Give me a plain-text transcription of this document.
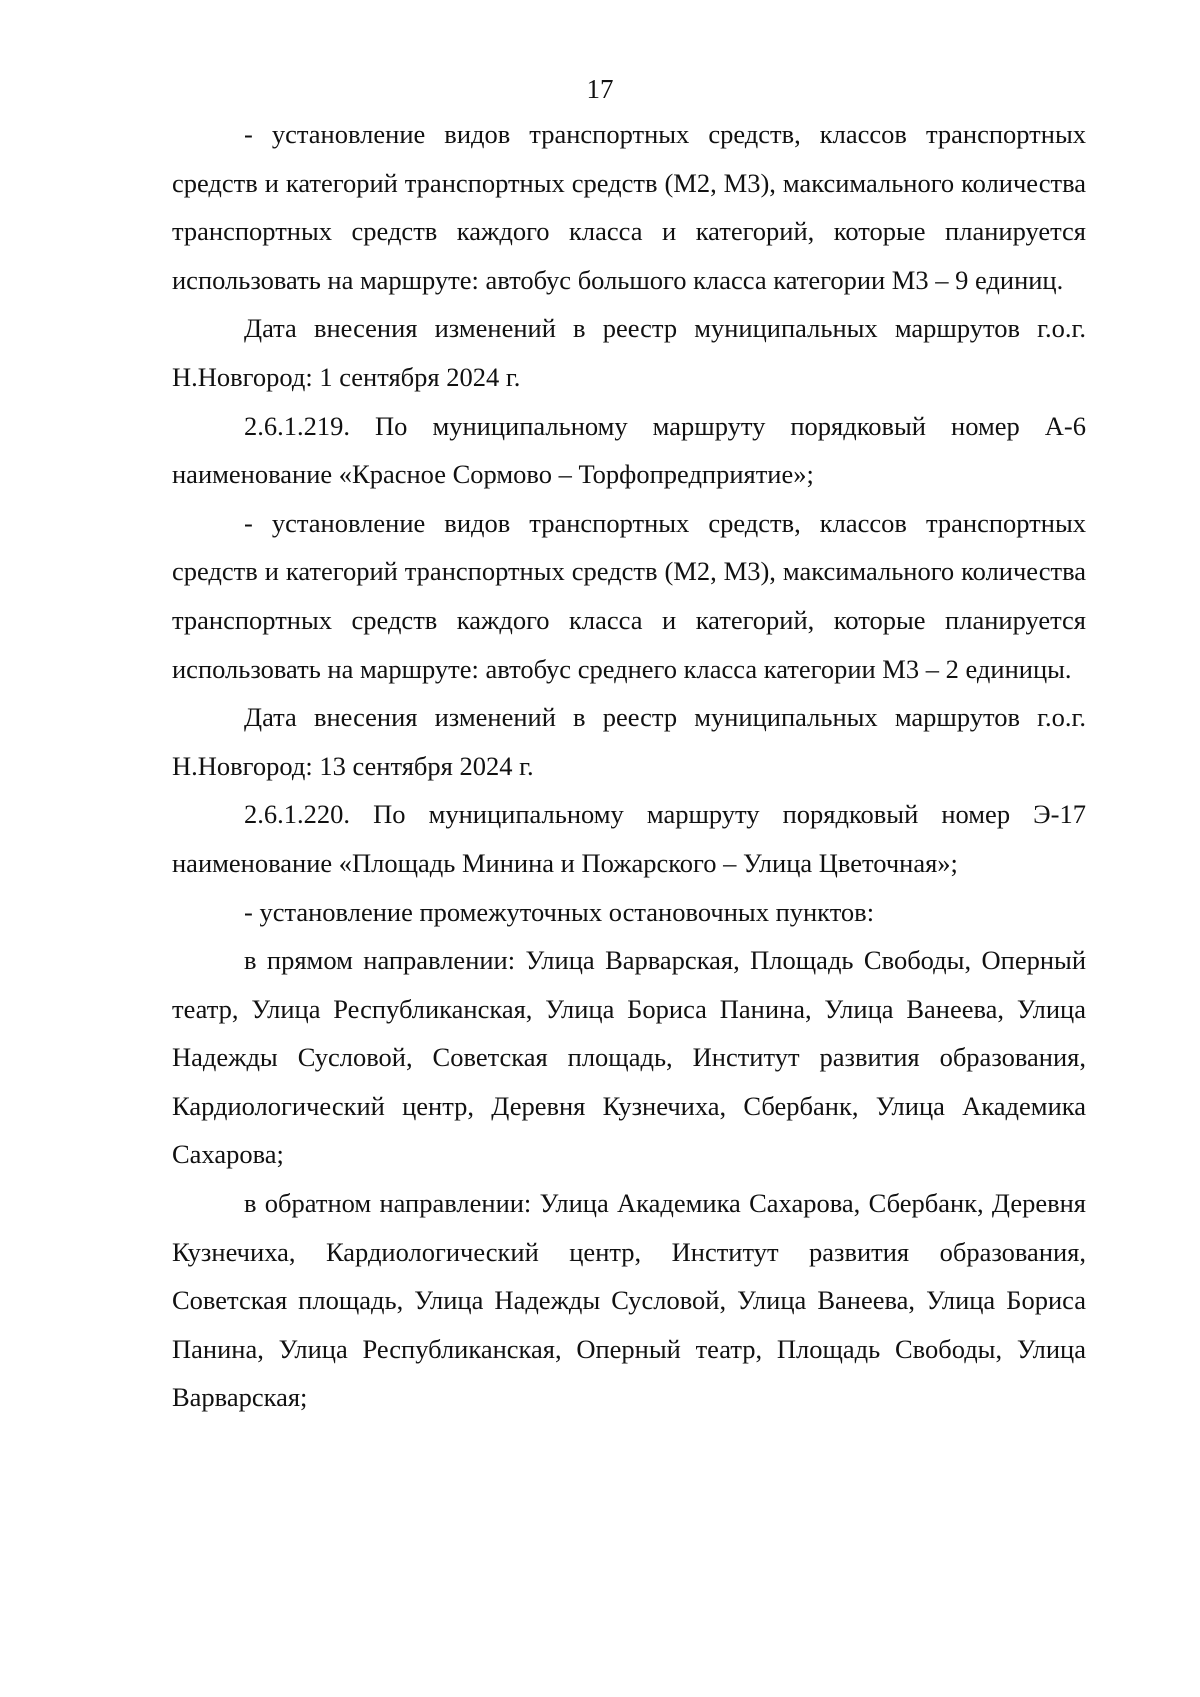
17

- установление видов транспортных средств, классов транспортных средств и категорий транспортных средств (М2, М3), максимального количества транспортных средств каждого класса и категорий, которые планируется использовать на маршруте: автобус большого класса категории М3 – 9 единиц.

Дата внесения изменений в реестр муниципальных маршрутов г.о.г. Н.Новгород: 1 сентября 2024 г.

2.6.1.219. По муниципальному маршруту порядковый номер А-6 наименование «Красное Сормово – Торфопредприятие»;

- установление видов транспортных средств, классов транспортных средств и категорий транспортных средств (М2, М3), максимального количества транспортных средств каждого класса и категорий, которые планируется использовать на маршруте: автобус среднего класса категории М3 – 2 единицы.

Дата внесения изменений в реестр муниципальных маршрутов г.о.г. Н.Новгород: 13 сентября 2024 г.

2.6.1.220. По муниципальному маршруту порядковый номер Э-17 наименование «Площадь Минина и Пожарского – Улица Цветочная»;

- установление промежуточных остановочных пунктов:

в прямом направлении: Улица Варварская, Площадь Свободы, Оперный театр, Улица Республиканская, Улица Бориса Панина, Улица Ванеева, Улица Надежды Сусловой, Советская площадь, Институт развития образования, Кардиологический центр, Деревня Кузнечиха, Сбербанк, Улица Академика Сахарова;

в обратном направлении: Улица Академика Сахарова, Сбербанк, Деревня Кузнечиха, Кардиологический центр, Институт развития образования, Советская площадь, Улица Надежды Сусловой, Улица Ванеева, Улица Бориса Панина, Улица Республиканская, Оперный театр, Площадь Свободы, Улица Варварская;
